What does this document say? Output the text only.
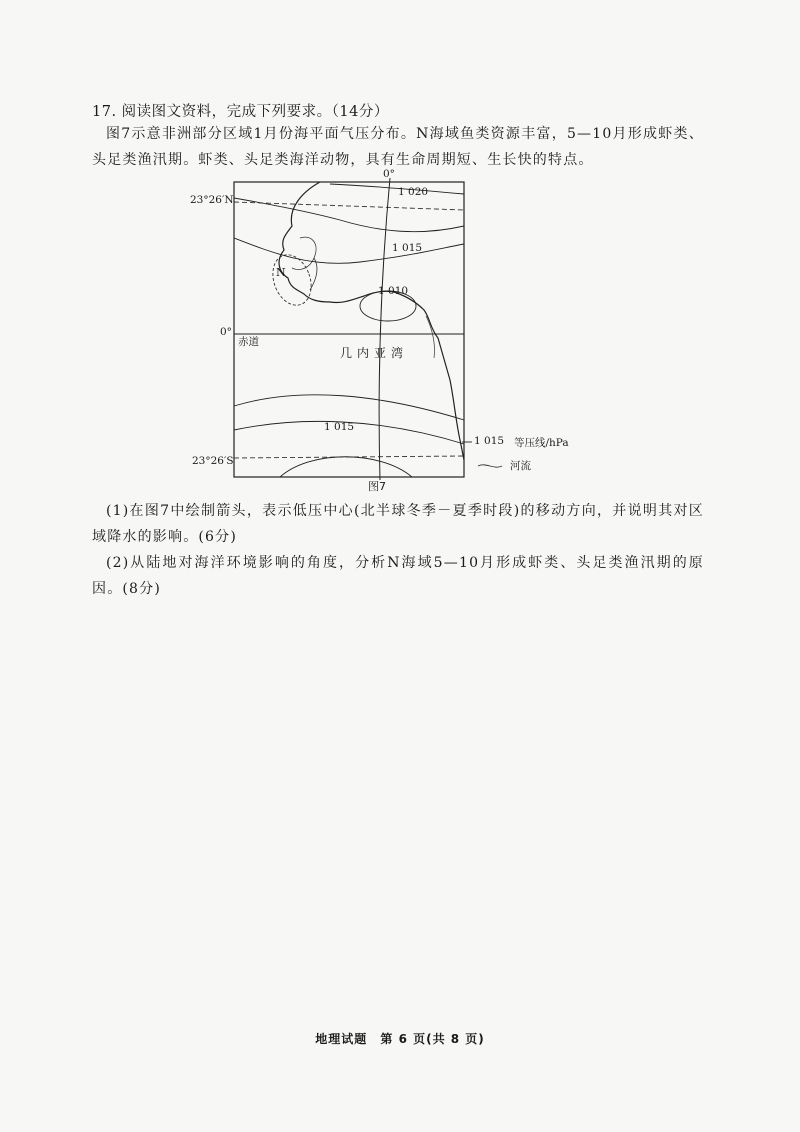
17. 阅读图文资料，完成下列要求。（14分）
图7示意非洲部分区域1月份海平面气压分布。N海域鱼类资源丰富，5—10月形成虾类、头足类渔汛期。虾类、头足类海洋动物，具有生命周期短、生长快的特点。
23°26′N
0°
23°26′S
0°
赤道
几内亚湾
N
1 020
1 015
1 010
1 015
1 015 等压线/hPa
河流
图7
(1)在图7中绘制箭头，表示低压中心(北半球冬季－夏季时段)的移动方向，并说明其对区域降水的影响。(6分)
(2)从陆地对海洋环境影响的角度，分析N海域5—10月形成虾类、头足类渔汛期的原因。(8分)
地理试题 第 6 页(共 8 页)
